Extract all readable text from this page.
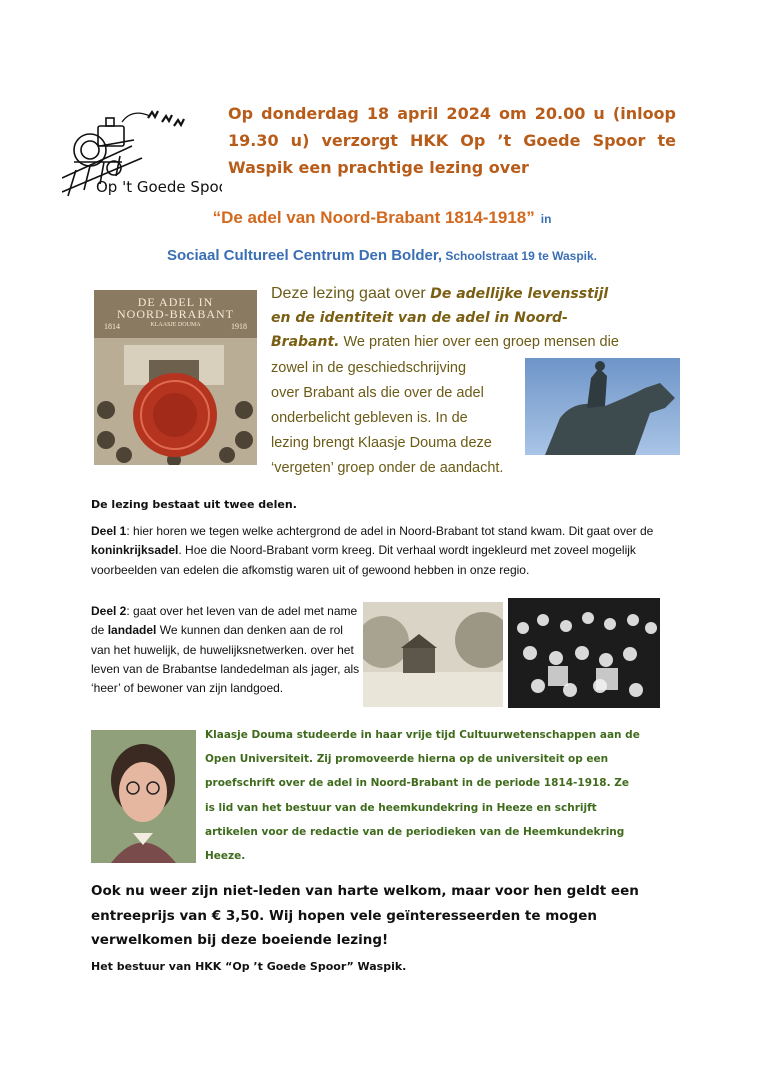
Op 't Goede Spoor
Op donderdag 18 april 2024 om 20.00 u (inloop
19.30 u) verzorgt HKK Op ’t Goede Spoor te
Waspik een prachtige lezing over
“De adel van Noord-Brabant 1814-1918” in
Sociaal Cultureel Centrum Den Bolder, Schoolstraat 19 te Waspik.
DE ADEL IN
NOORD-BRABANT
1814	KLAASJE DOUMA	1918
Deze lezing gaat over De adellijke levensstijl
en de identiteit van de adel in Noord-
Brabant. We praten hier over een groep mensen die
zowel in de geschiedschrijving
over Brabant als die over de adel
onderbelicht gebleven is. In de
lezing brengt Klaasje Douma deze
‘vergeten’ groep onder de aandacht.
De lezing bestaat uit twee delen.
Deel 1: hier horen we tegen welke achtergrond de adel in Noord-Brabant tot stand kwam. Dit gaat over de koninkrijksadel. Hoe die Noord-Brabant vorm kreeg. Dit verhaal wordt ingekleurd met zoveel mogelijk voorbeelden van edelen die afkomstig waren uit of gewoond hebben in onze regio.
Deel 2: gaat over het leven van de adel met name de landadel We kunnen dan denken aan de rol van het huwelijk, de huwelijksnetwerken. over het leven van de Brabantse landedelman als jager, als ‘heer’ of bewoner van zijn landgoed.
Klaasje Douma studeerde in haar vrije tijd Cultuurwetenschappen aan de
Open Universiteit. Zij promoveerde hierna op de universiteit op een
proefschrift over de adel in Noord-Brabant in de periode 1814-1918. Ze
is lid van het bestuur van de heemkundekring in Heeze en schrijft
artikelen voor de redactie van de periodieken van de Heemkundekring
Heeze.
Ook nu weer zijn niet-leden van harte welkom, maar voor hen geldt een
entreeprijs van € 3,50. Wij hopen vele geïnteresseerden te mogen
verwelkomen bij deze boeiende lezing!
Het bestuur van HKK “Op ’t Goede Spoor” Waspik.
